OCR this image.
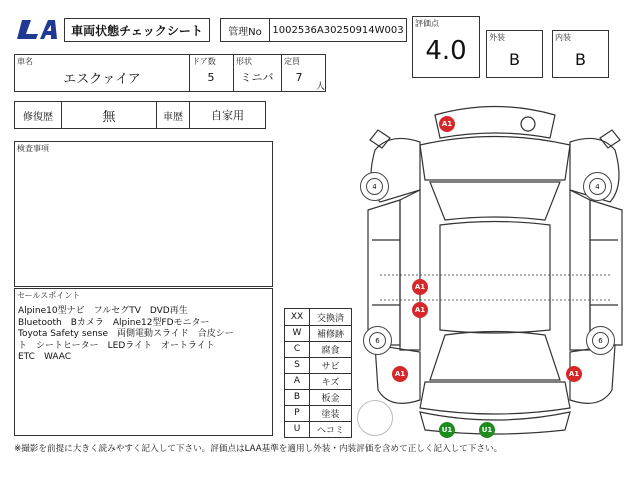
車両状態チェックシート	管理No 1002536A30250914W003
評価点
4.0	外装
B
内装
B
車名
エスクァイア
ドア数
5
形状
ミニバ
定員
7
人
修復歴	無	車歴	自家用
検査事項
セールスポイント
Alpine10型ナビ　フルセグTV　DVD再生
Bluetooth　Bカメラ　Alpine12型FDモニター
Toyota Safety sense　両側電動スライド　合皮シー
ト　シートヒーター　LEDライト　オートライト
ETC　WAAC
XX	交換済
W	補修跡
C	腐食
S	サビ
A	キズ
B	板金
P	塗装
U	ヘコミ
4	4
6	6
A1
A1
A1
A1	A1
U1	U1
※撮影を前提に大きく読みやすく記入して下さい。評価点はLAA基準を適用し外装・内装評価を含めて正しく記入して下さい。
